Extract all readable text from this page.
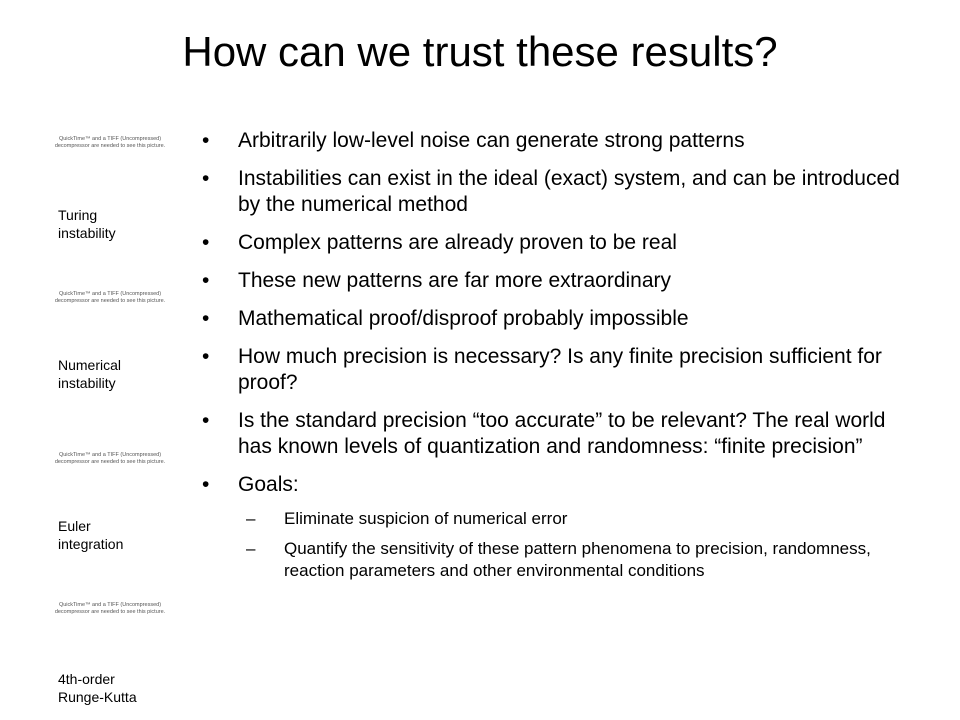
How can we trust these results?
QuickTime™ and a TIFF (Uncompressed) decompressor are needed to see this picture.
Turing
instability
QuickTime™ and a TIFF (Uncompressed) decompressor are needed to see this picture.
Numerical
instability
QuickTime™ and a TIFF (Uncompressed) decompressor are needed to see this picture.
Euler
integration
QuickTime™ and a TIFF (Uncompressed) decompressor are needed to see this picture.
4th-order
Runge-Kutta
• Arbitrarily low-level noise can generate strong patterns
• Instabilities can exist in the ideal (exact) system, and can be introduced by the numerical method
• Complex patterns are already proven to be real
• These new patterns are far more extraordinary
• Mathematical proof/disproof probably impossible
• How much precision is necessary? Is any finite precision sufficient for proof?
• Is the standard precision “too accurate” to be relevant? The real world has known levels of quantization and randomness: “finite precision”
• Goals:
– Eliminate suspicion of numerical error
– Quantify the sensitivity of these pattern phenomena to precision, randomness, reaction parameters and other environmental conditions
